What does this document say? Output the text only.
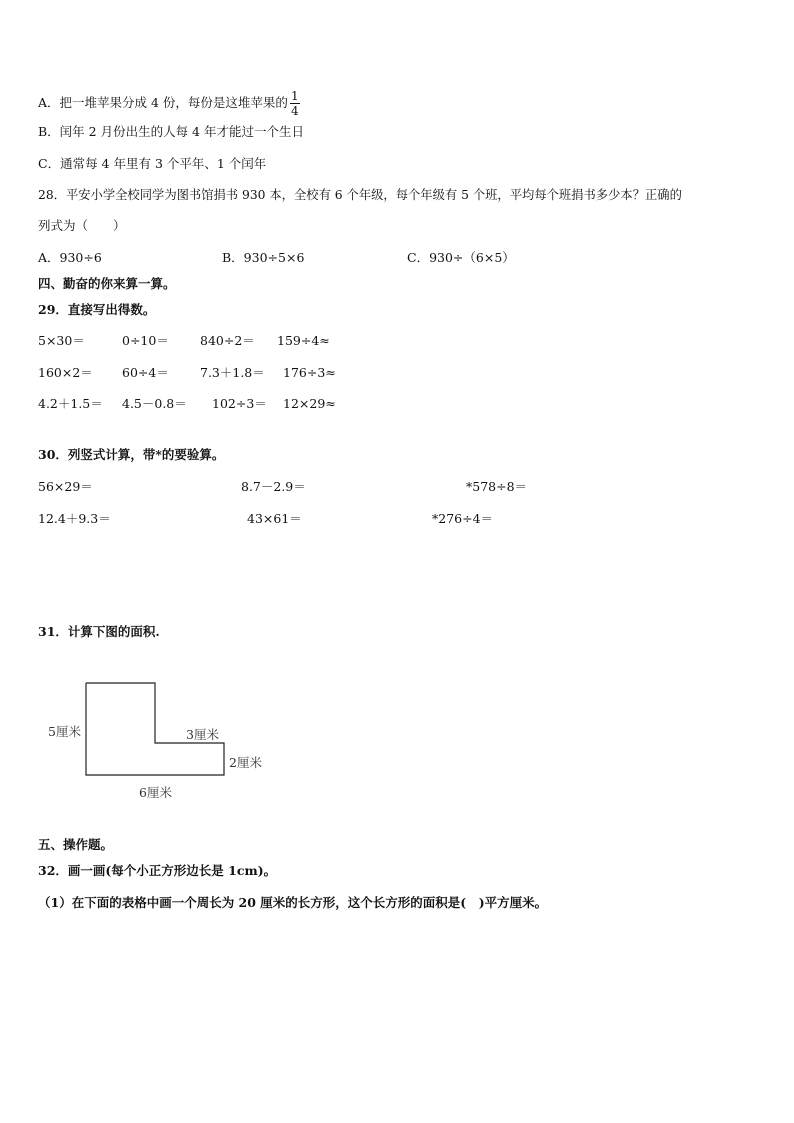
A．把一堆苹果分成 4 份，每份是这堆苹果的 $\frac{1}{4}$
B．闰年 2 月份出生的人每 4 年才能过一个生日
C．通常每 4 年里有 3 个平年、1 个闰年
28．平安小学全校同学为图书馆捐书 930 本，全校有 6 个年级，每个年级有 5 个班，平均每个班捐书多少本？正确的
列式为（　　）
A．930÷6	B．930÷5×6	C．930÷（6×5）
四、勤奋的你来算一算。
29．直接写出得数。
5×30＝	0÷10＝ 840÷2＝ 159÷4≈
160×2＝ 60÷4＝ 7.3＋1.8＝ 176÷3≈
4.2＋1.5＝ 4.5－0.8＝ 102÷3＝ 12×29≈
30．列竖式计算，带*的要验算。
56×29＝	8.7－2.9＝	*578÷8＝
12.4＋9.3＝	43×61＝	*276÷4＝
31．计算下图的面积.
5厘米	3厘米
2厘米
6厘米
五、操作题。
32．画一画(每个小正方形边长是 1cm)。
（1）在下面的表格中画一个周长为 20 厘米的长方形，这个长方形的面积是(　)平方厘米。
